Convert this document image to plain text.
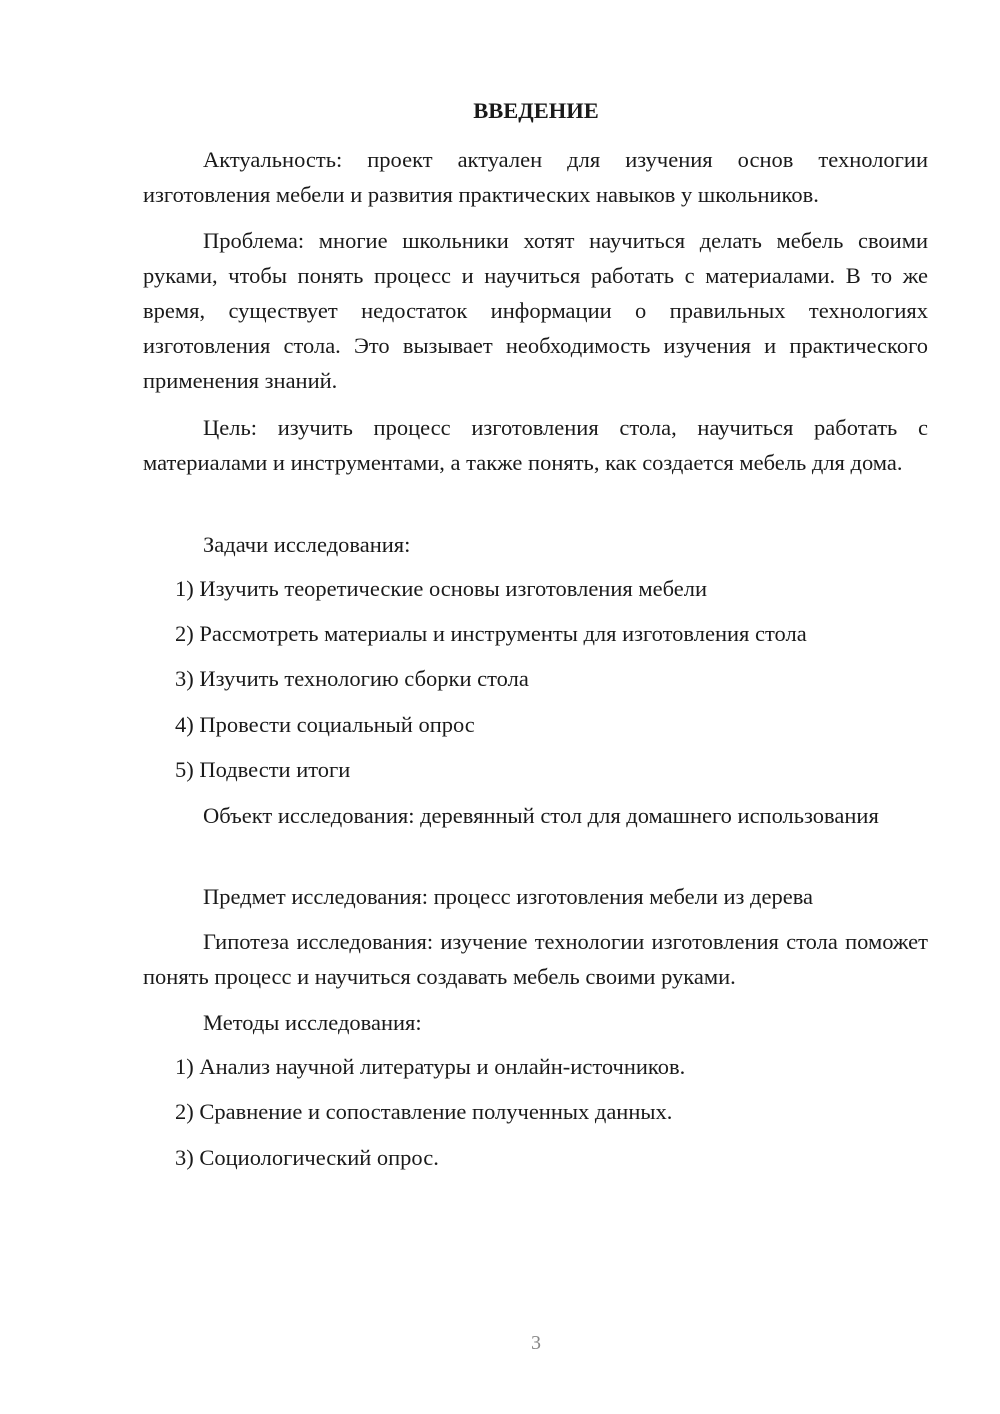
ВВЕДЕНИЕ
Актуальность: проект актуален для изучения основ технологии изготовления мебели и развития практических навыков у школьников.
Проблема: многие школьники хотят научиться делать мебель своими руками, чтобы понять процесс и научиться работать с материалами. В то же время, существует недостаток информации о правильных технологиях изготовления стола. Это вызывает необходимость изучения и практического применения знаний.
Цель: изучить процесс изготовления стола, научиться работать с материалами и инструментами, а также понять, как создается мебель для дома.
Задачи исследования:
1) Изучить теоретические основы изготовления мебели
2) Рассмотреть материалы и инструменты для изготовления стола
3) Изучить технологию сборки стола
4) Провести социальный опрос
5) Подвести итоги
Объект исследования: деревянный стол для домашнего использования
Предмет исследования: процесс изготовления мебели из дерева
Гипотеза исследования: изучение технологии изготовления стола поможет понять процесс и научиться создавать мебель своими руками.
Методы исследования:
1) Анализ научной литературы и онлайн-источников.
2) Сравнение и сопоставление полученных данных.
3) Социологический опрос.
3
